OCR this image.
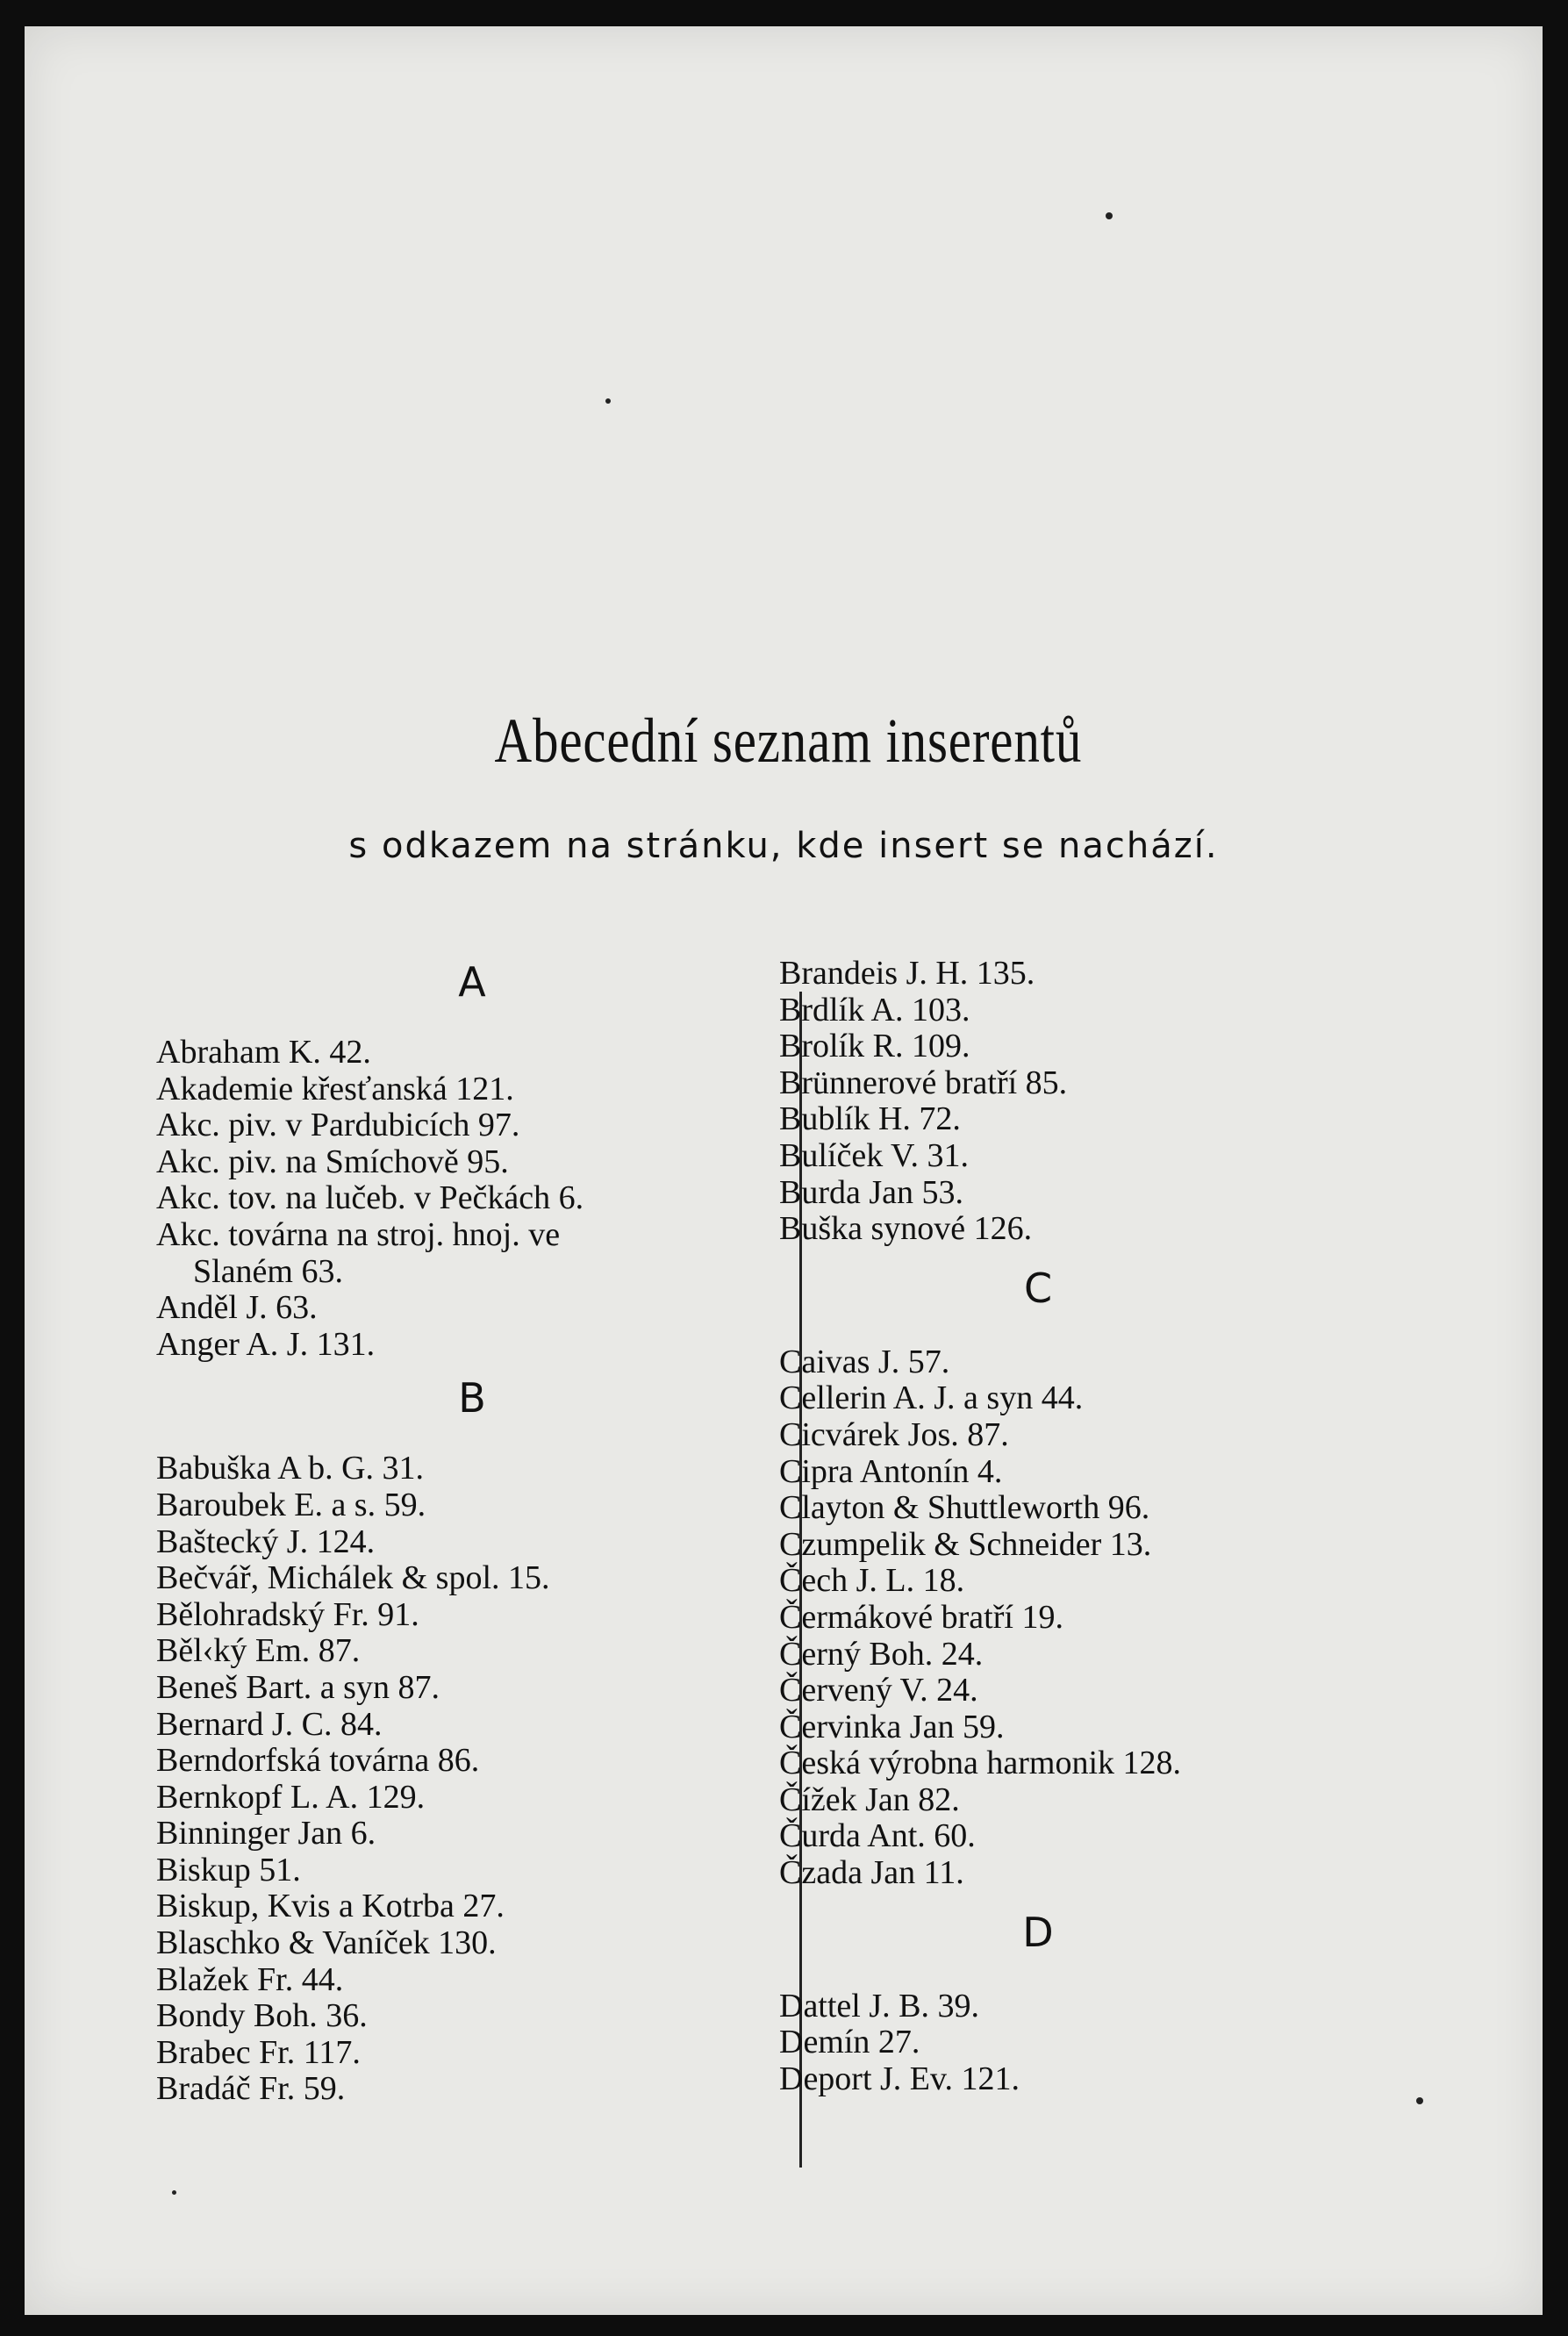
Abecední seznam inserentů
s odkazem na stránku, kde insert se nachází.
A
Abraham K. 42.
Akademie křesťanská 121.
Akc. piv. v Pardubicích 97.
Akc. piv. na Smíchově 95.
Akc. tov. na lučeb. v Pečkách 6.
Akc. továrna na stroj. hnoj. ve
Slaném 63.
Anděl J. 63.
Anger A. J. 131.
B
Babuška A b. G. 31.
Baroubek E. a s. 59.
Baštecký J. 124.
Bečvář, Michálek & spol. 15.
Bělohradský Fr. 91.
Běl‹ký Em. 87.
Beneš Bart. a syn 87.
Bernard J. C. 84.
Berndorfská továrna 86.
Bernkopf L. A. 129.
Binninger Jan 6.
Biskup 51.
Biskup, Kvis a Kotrba 27.
Blaschko & Vaníček 130.
Blažek Fr. 44.
Bondy Boh. 36.
Brabec Fr. 117.
Bradáč Fr. 59.
Brandeis J. H. 135.
Brdlík A. 103.
Brolík R. 109.
Brünnerové bratří 85.
Bublík H. 72.
Bulíček V. 31.
Burda Jan 53.
Buška synové 126.
C
Caivas J. 57.
Cellerin A. J. a syn 44.
Cicvárek Jos. 87.
Cipra Antonín 4.
Clayton & Shuttleworth 96.
Czumpelik & Schneider 13.
Čech J. L. 18.
Čermákové bratří 19.
Černý Boh. 24.
Červený V. 24.
Červinka Jan 59.
Česká výrobna harmonik 128.
Čížek Jan 82.
Čurda Ant. 60.
Čzada Jan 11.
D
Dattel J. B. 39.
Demín 27.
Deport J. Ev. 121.
